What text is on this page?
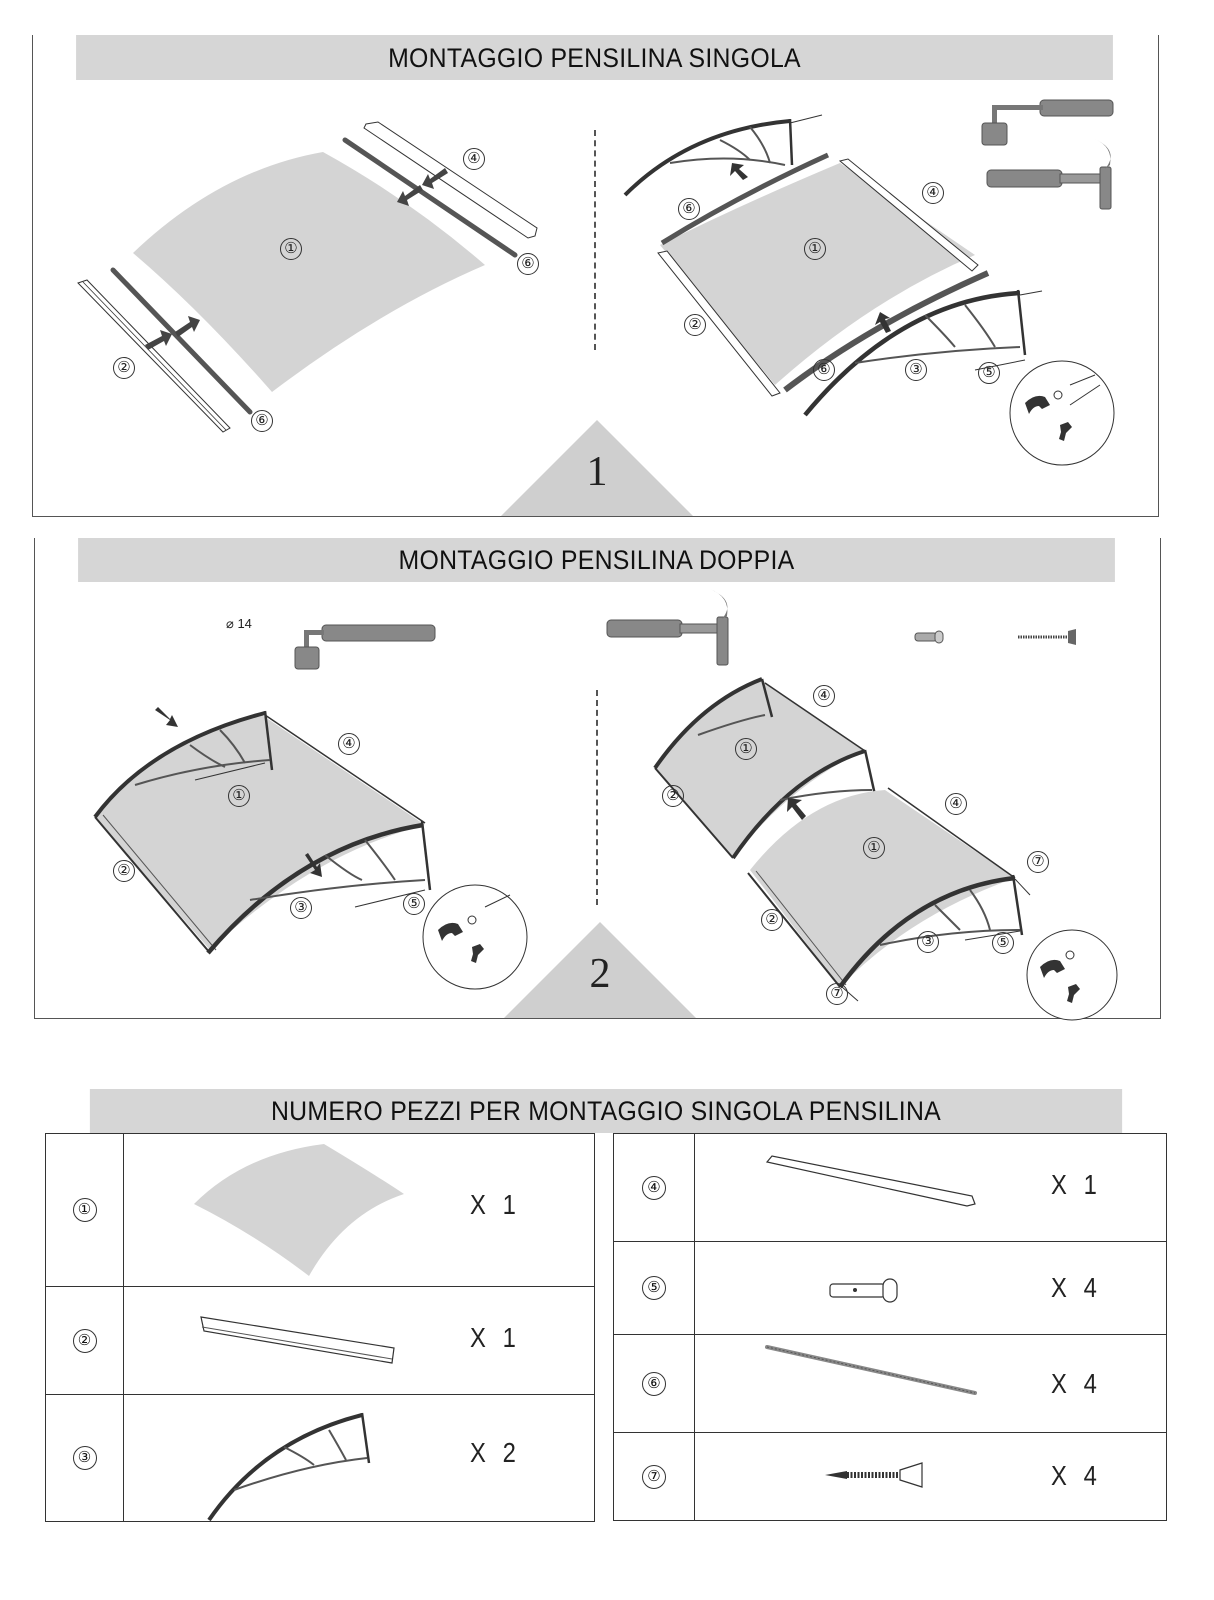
MONTAGGIO PENSILINA SINGOLA
①
②
④
⑥
⑥
①
②
③
④
⑤
⑥
⑥
1
MONTAGGIO PENSILINA DOPPIA
⌀ 14
①
②
③
④
⑤
①
①
②
②
③
④
④
⑤
⑦
⑦
2
NUMERO PEZZI PER MONTAGGIO SINGOLA PENSILINA
①	X 1

②	X 1

③	X 2
④	X 1

⑤	X 4

⑥	X 4

⑦	X 4
